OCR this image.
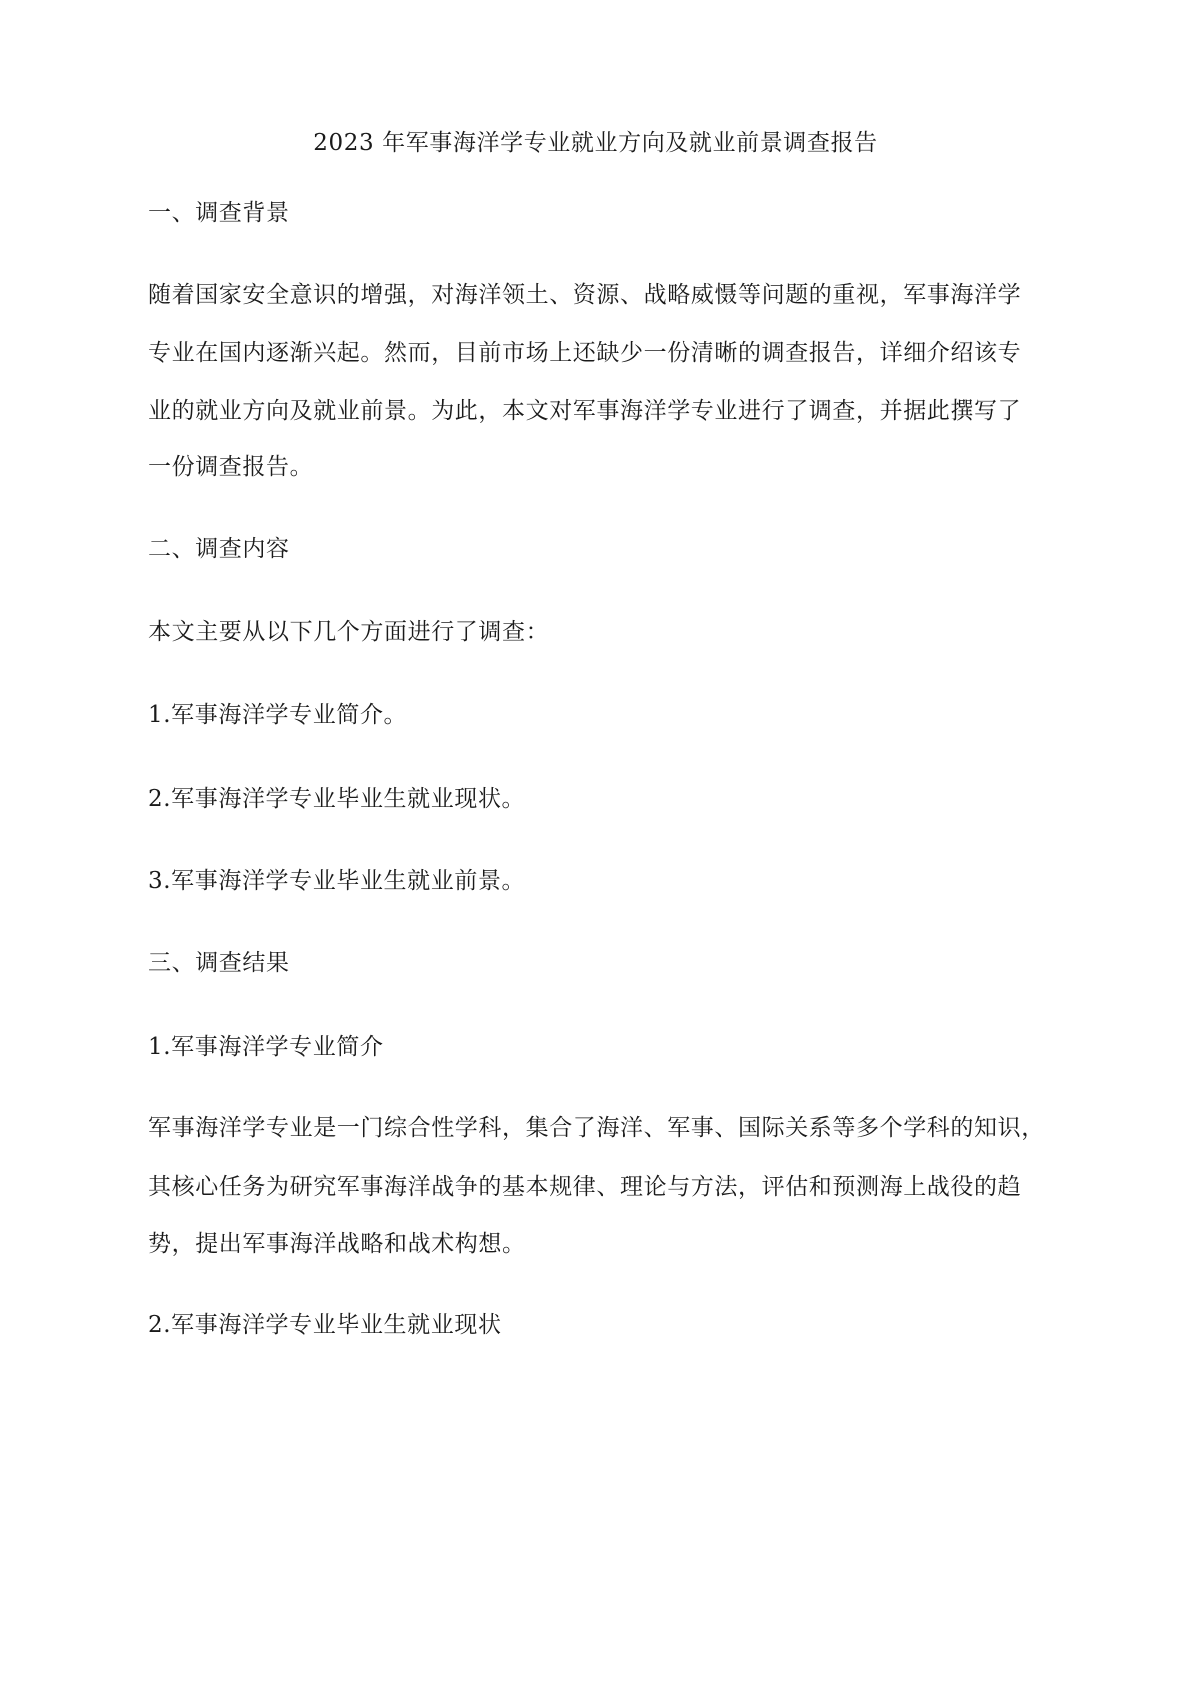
2023 年军事海洋学专业就业方向及就业前景调查报告
一、调查背景
随着国家安全意识的增强，对海洋领土、资源、战略威慑等问题的重视，军事海洋学
专业在国内逐渐兴起。然而，目前市场上还缺少一份清晰的调查报告，详细介绍该专
业的就业方向及就业前景。为此，本文对军事海洋学专业进行了调查，并据此撰写了
一份调查报告。
二、调查内容
本文主要从以下几个方面进行了调查：
1.军事海洋学专业简介。
2.军事海洋学专业毕业生就业现状。
3.军事海洋学专业毕业生就业前景。
三、调查结果
1.军事海洋学专业简介
军事海洋学专业是一门综合性学科，集合了海洋、军事、国际关系等多个学科的知识，
其核心任务为研究军事海洋战争的基本规律、理论与方法，评估和预测海上战役的趋
势，提出军事海洋战略和战术构想。
2.军事海洋学专业毕业生就业现状
